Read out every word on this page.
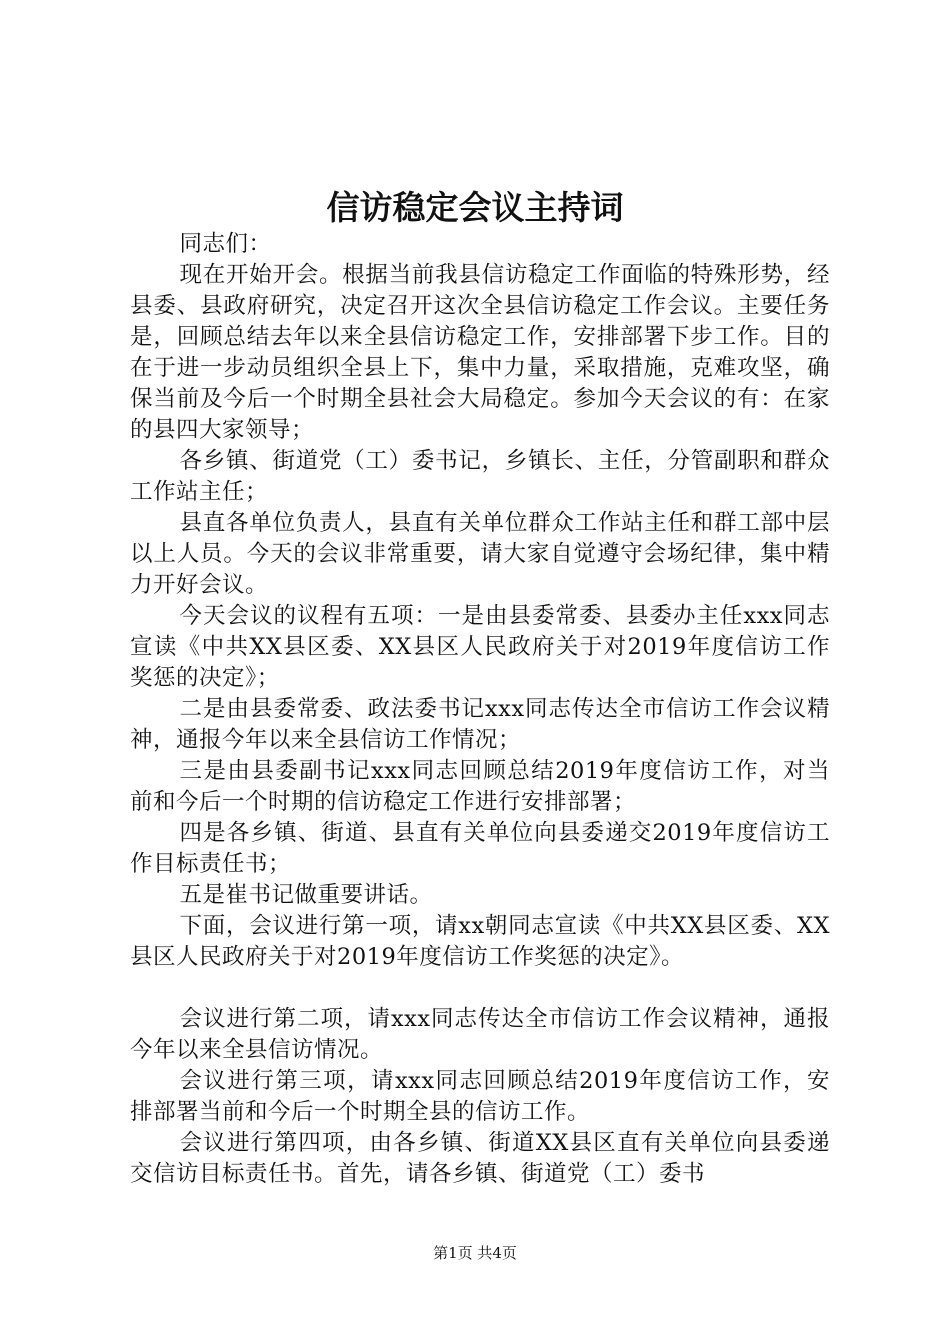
信访稳定会议主持词

同志们：

现在开始开会。根据当前我县信访稳定工作面临的特殊形势，经县委、县政府研究，决定召开这次全县信访稳定工作会议。主要任务是，回顾总结去年以来全县信访稳定工作，安排部署下步工作。目的在于进一步动员组织全县上下，集中力量，采取措施，克难攻坚，确保当前及今后一个时期全县社会大局稳定。参加今天会议的有：在家的县四大家领导；

各乡镇、街道党（工）委书记，乡镇长、主任，分管副职和群众工作站主任；

县直各单位负责人，县直有关单位群众工作站主任和群工部中层以上人员。今天的会议非常重要，请大家自觉遵守会场纪律，集中精力开好会议。

今天会议的议程有五项：一是由县委常委、县委办主任xxx同志宣读《中共XX县区委、XX县区人民政府关于对2019年度信访工作奖惩的决定》；

二是由县委常委、政法委书记xxx同志传达全市信访工作会议精神，通报今年以来全县信访工作情况；

三是由县委副书记xxx同志回顾总结2019年度信访工作，对当前和今后一个时期的信访稳定工作进行安排部署；

四是各乡镇、街道、县直有关单位向县委递交2019年度信访工作目标责任书；

五是崔书记做重要讲话。

下面，会议进行第一项，请xx朝同志宣读《中共XX县区委、XX县区人民政府关于对2019年度信访工作奖惩的决定》。

会议进行第二项，请xxx同志传达全市信访工作会议精神，通报今年以来全县信访情况。

会议进行第三项，请xxx同志回顾总结2019年度信访工作，安排部署当前和今后一个时期全县的信访工作。

会议进行第四项，由各乡镇、街道XX县区直有关单位向县委递交信访目标责任书。首先，请各乡镇、街道党（工）委书

第1页 共4页
